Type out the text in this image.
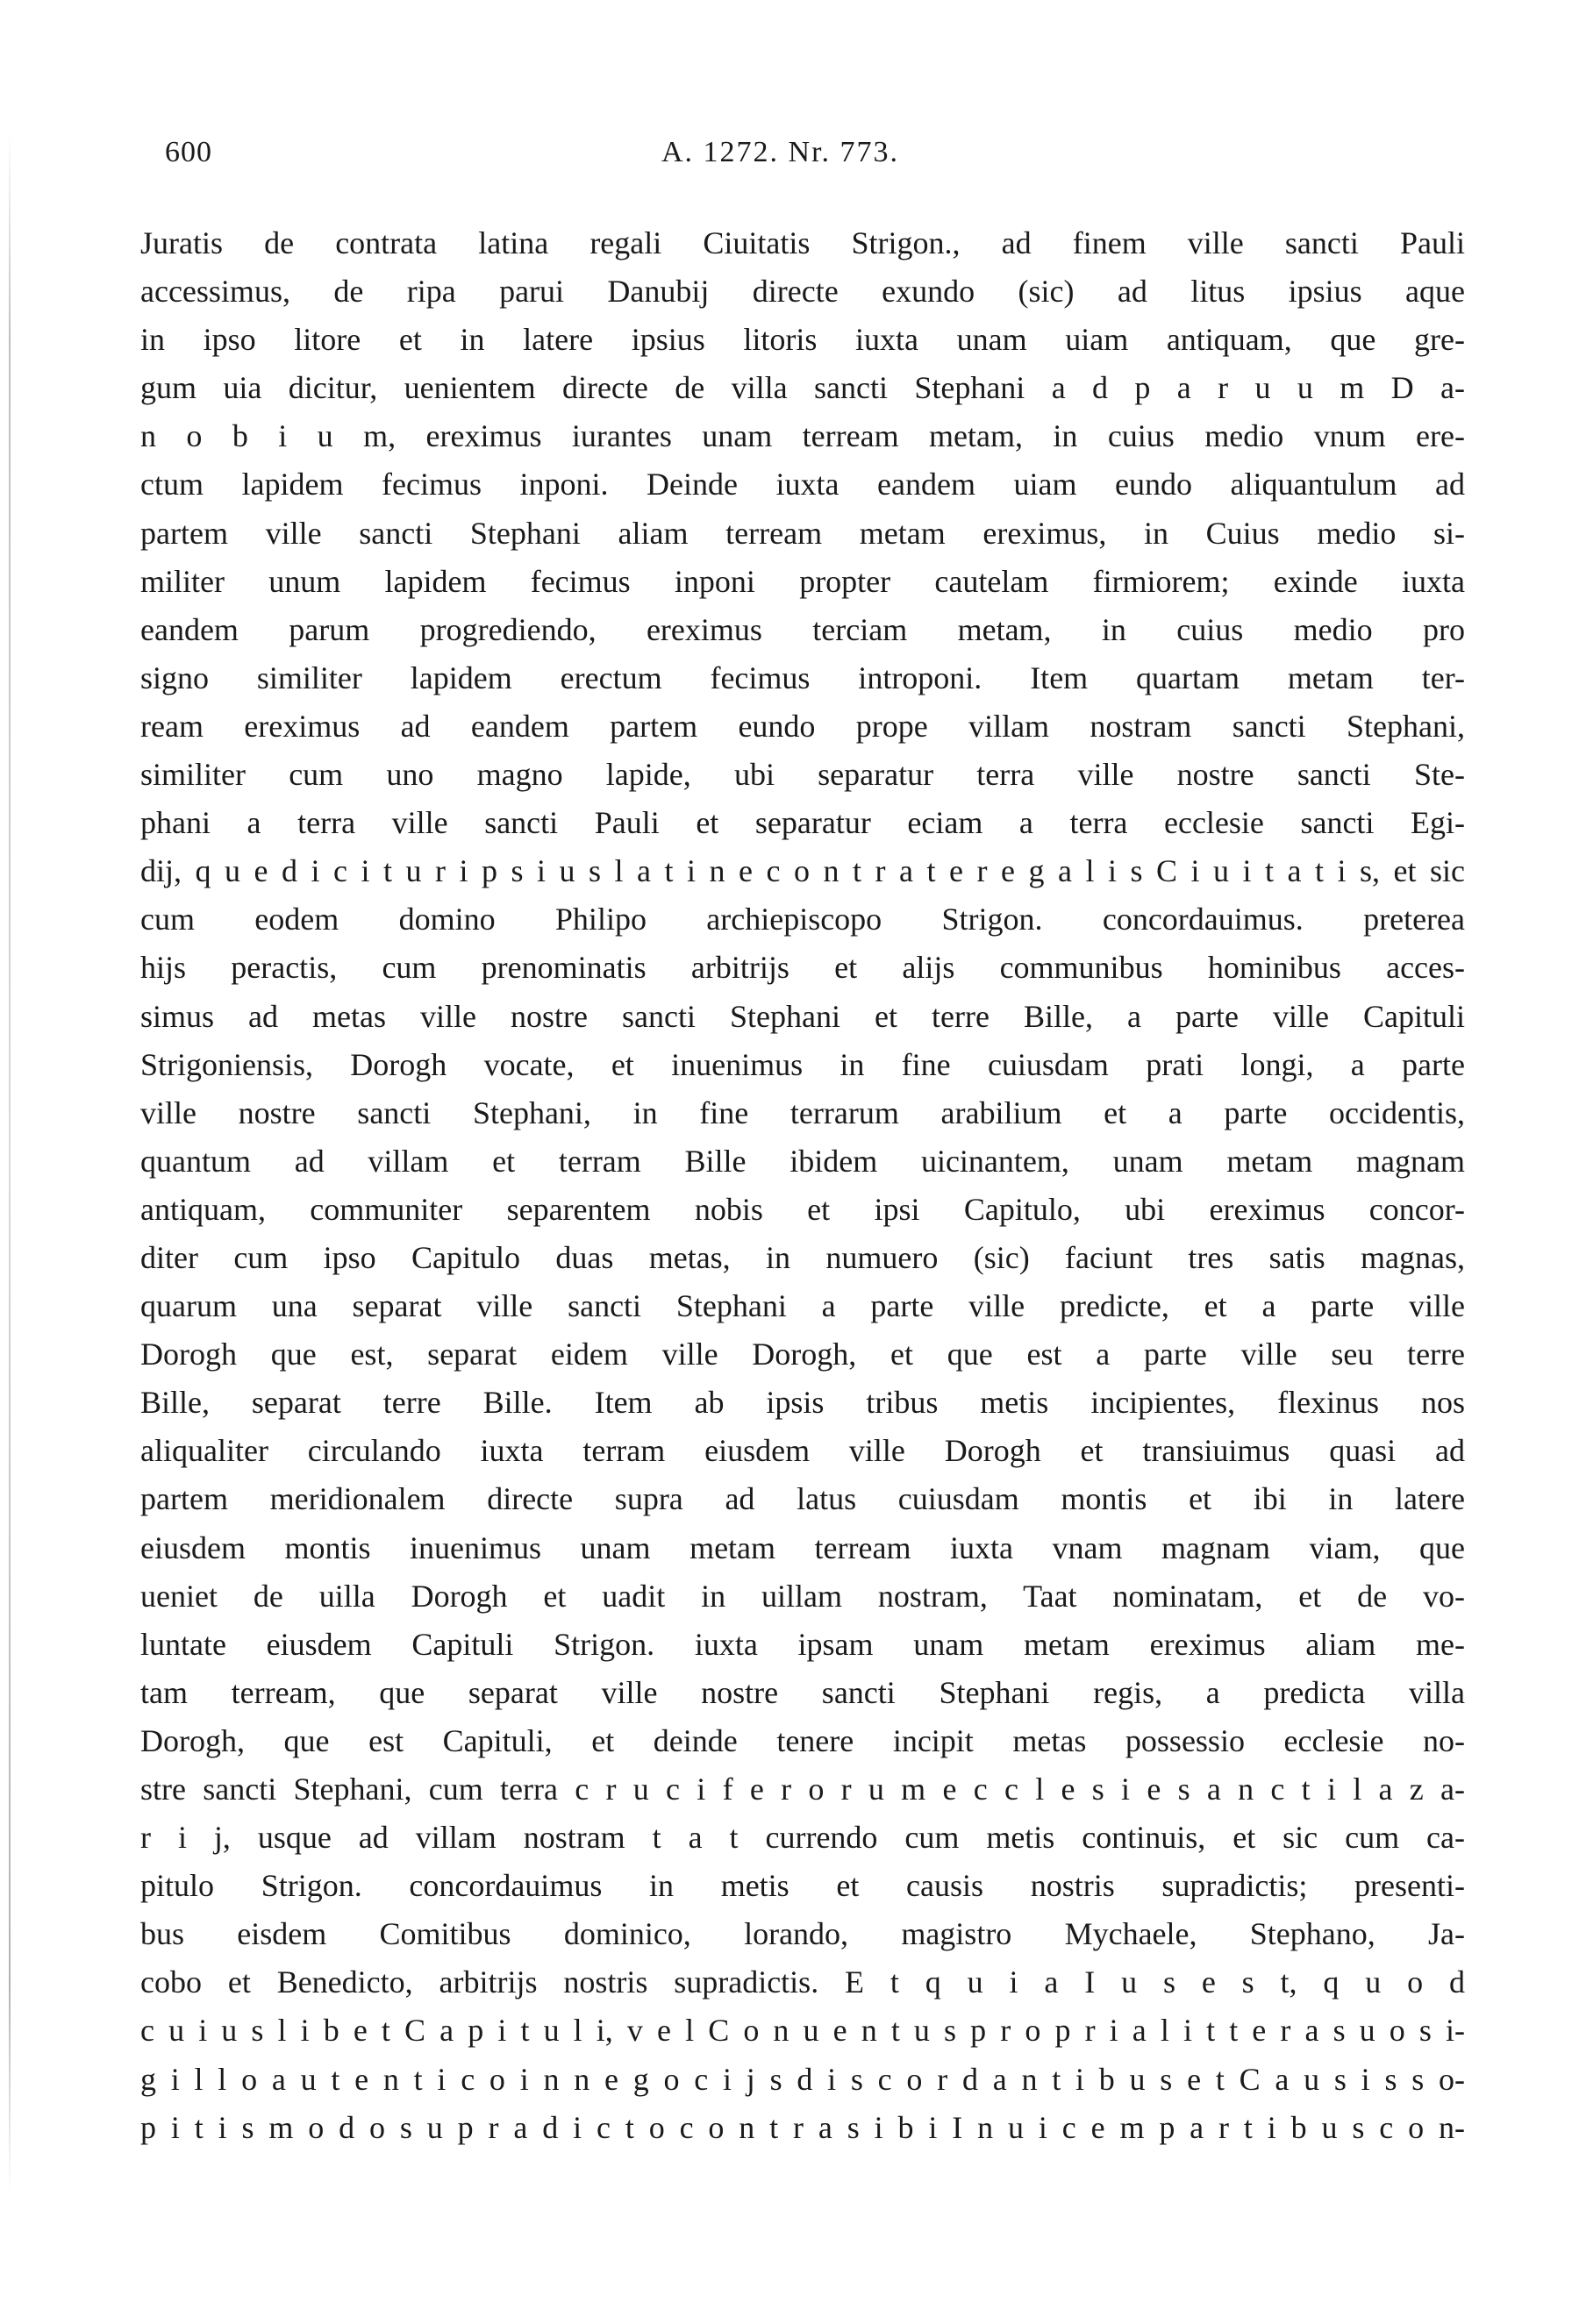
600	A. 1272. Nr. 773.
Juratis de contrata latina regali Ciuitatis Strigon., ad finem ville sancti Pauli
accessimus, de ripa parui Danubij directe exundo (sic) ad litus ipsius aque
in ipso litore et in latere ipsius litoris iuxta unam uiam antiquam, que gre-
gum uia dicitur, uenientem directe de villa sancti Stephani a d p a r u u m D a-
n o b i u m, ereximus iurantes unam terream metam, in cuius medio vnum ere-
ctum lapidem fecimus inponi. Deinde iuxta eandem uiam eundo aliquantulum ad
partem ville sancti Stephani aliam terream metam ereximus, in Cuius medio si-
militer unum lapidem fecimus inponi propter cautelam firmiorem; exinde iuxta
eandem parum progrediendo, ereximus terciam metam, in cuius medio pro
signo similiter lapidem erectum fecimus introponi. Item quartam metam ter-
ream ereximus ad eandem partem eundo prope villam nostram sancti Stephani,
similiter cum uno magno lapide, ubi separatur terra ville nostre sancti Ste-
phani a terra ville sancti Pauli et separatur eciam a terra ecclesie sancti Egi-
dij, q u e d i c i t u r i p s i u s l a t i n e c o n t r a t e r e g a l i s C i u i t a t i s, et sic
cum eodem domino Philipo archiepiscopo Strigon. concordauimus. preterea
hijs peractis, cum prenominatis arbitrijs et alijs communibus hominibus acces-
simus ad metas ville nostre sancti Stephani et terre Bille, a parte ville Capituli
Strigoniensis, Dorogh vocate, et inuenimus in fine cuiusdam prati longi, a parte
ville nostre sancti Stephani, in fine terrarum arabilium et a parte occidentis,
quantum ad villam et terram Bille ibidem uicinantem, unam metam magnam
antiquam, communiter separentem nobis et ipsi Capitulo, ubi ereximus concor-
diter cum ipso Capitulo duas metas, in numuero (sic) faciunt tres satis magnas,
quarum una separat ville sancti Stephani a parte ville predicte, et a parte ville
Dorogh que est, separat eidem ville Dorogh, et que est a parte ville seu terre
Bille, separat terre Bille. Item ab ipsis tribus metis incipientes, flexinus nos
aliqualiter circulando iuxta terram eiusdem ville Dorogh et transiuimus quasi ad
partem meridionalem directe supra ad latus cuiusdam montis et ibi in latere
eiusdem montis inuenimus unam metam terream iuxta vnam magnam viam, que
ueniet de uilla Dorogh et uadit in uillam nostram, Taat nominatam, et de vo-
luntate eiusdem Capituli Strigon. iuxta ipsam unam metam ereximus aliam me-
tam terream, que separat ville nostre sancti Stephani regis, a predicta villa
Dorogh, que est Capituli, et deinde tenere incipit metas possessio ecclesie no-
stre sancti Stephani, cum terra c r u c i f e r o r u m e c c l e s i e s a n c t i l a z a-
r i j, usque ad villam nostram t a t currendo cum metis continuis, et sic cum ca-
pitulo Strigon. concordauimus in metis et causis nostris supradictis; presenti-
bus eisdem Comitibus dominico, lorando, magistro Mychaele, Stephano, Ja-
cobo et Benedicto, arbitrijs nostris supradictis. E t q u i a I u s e s t, q u o d
c u i u s l i b e t C a p i t u l i, v e l C o n u e n t u s p r o p r i a l i t t e r a s u o s i-
g i l l o a u t e n t i c o i n n e g o c i j s d i s c o r d a n t i b u s e t C a u s i s s o-
p i t i s m o d o s u p r a d i c t o c o n t r a s i b i I n u i c e m p a r t i b u s c o n-
